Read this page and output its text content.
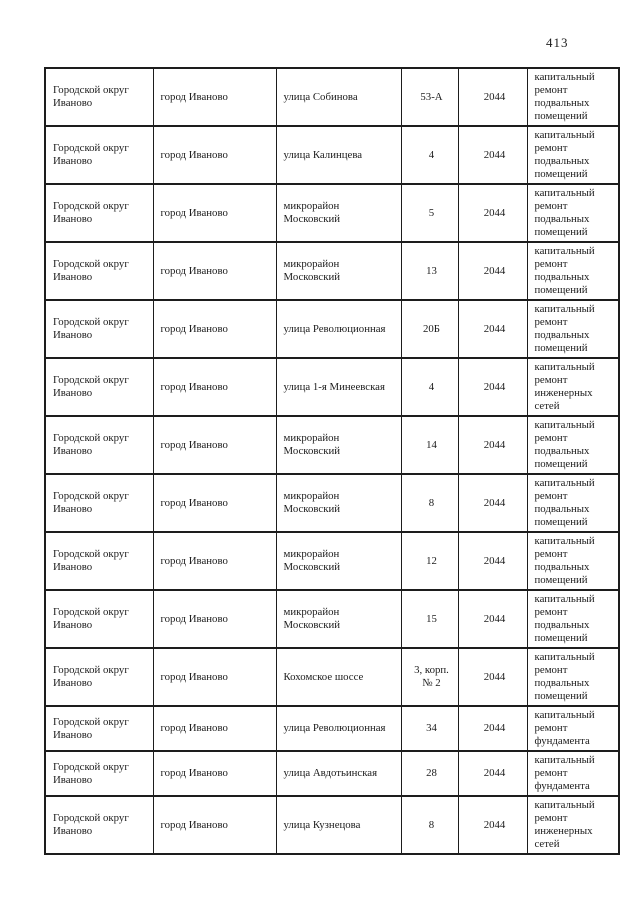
413
Городской округ Иваново	город Иваново	улица Собинова	53-А	2044	капитальный ремонт подвальных помещений
Городской округ Иваново	город Иваново	улица Калинцева	4	2044	капитальный ремонт подвальных помещений
Городской округ Иваново	город Иваново	микрорайон Московский	5	2044	капитальный ремонт подвальных помещений
Городской округ Иваново	город Иваново	микрорайон Московский	13	2044	капитальный ремонт подвальных помещений
Городской округ Иваново	город Иваново	улица Революционная	20Б	2044	капитальный ремонт подвальных помещений
Городской округ Иваново	город Иваново	улица 1-я Минеевская	4	2044	капитальный ремонт инженерных сетей
Городской округ Иваново	город Иваново	микрорайон Московский	14	2044	капитальный ремонт подвальных помещений
Городской округ Иваново	город Иваново	микрорайон Московский	8	2044	капитальный ремонт подвальных помещений
Городской округ Иваново	город Иваново	микрорайон Московский	12	2044	капитальный ремонт подвальных помещений
Городской округ Иваново	город Иваново	микрорайон Московский	15	2044	капитальный ремонт подвальных помещений
Городской округ Иваново	город Иваново	Кохомское шоссе	3, корп. № 2	2044	капитальный ремонт подвальных помещений
Городской округ Иваново	город Иваново	улица Революционная	34	2044	капитальный ремонт фундамента
Городской округ Иваново	город Иваново	улица Авдотьинская	28	2044	капитальный ремонт фундамента
Городской округ Иваново	город Иваново	улица Кузнецова	8	2044	капитальный ремонт инженерных сетей
